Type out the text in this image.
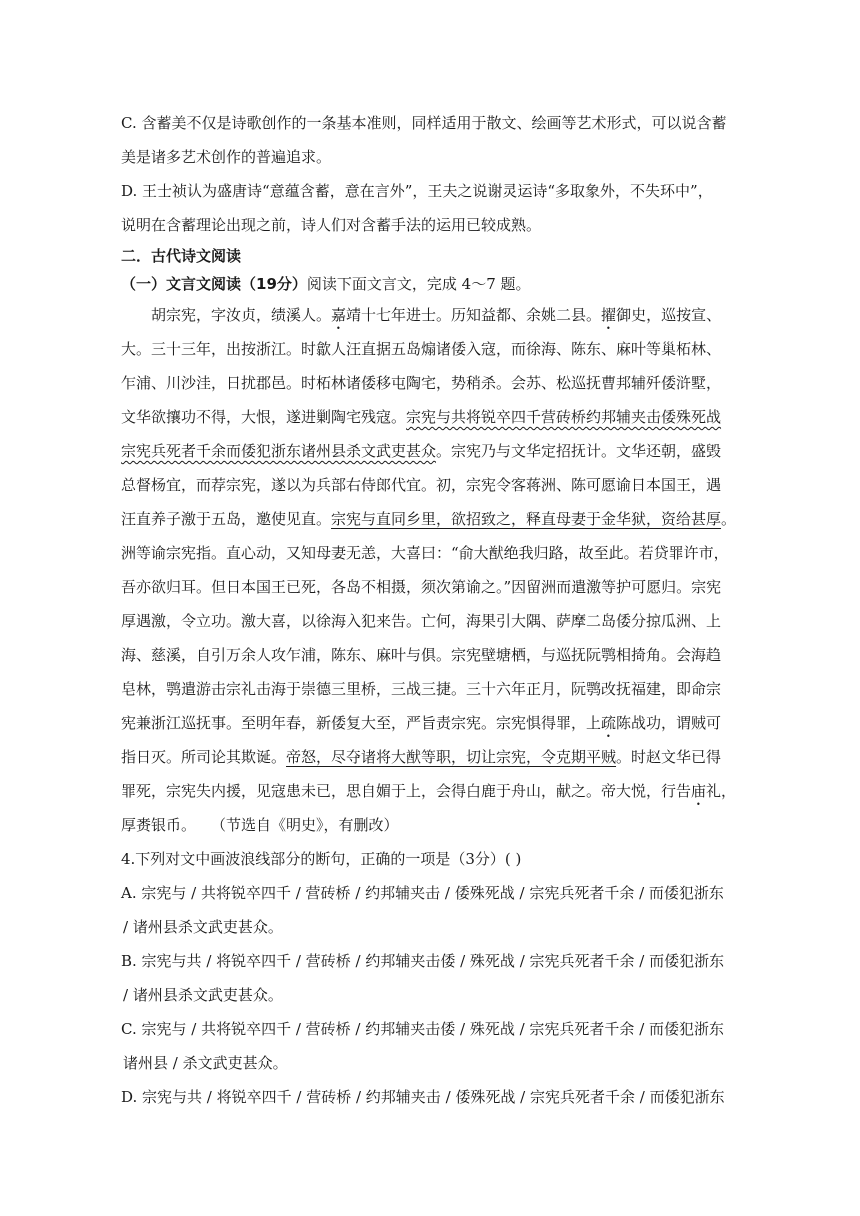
C. 含蓄美不仅是诗歌创作的一条基本准则，同样适用于散文、绘画等艺术形式，可以说含蓄

美是诸多艺术创作的普遍追求。

D. 王士祯认为盛唐诗“意蕴含蓄，意在言外”，王夫之说谢灵运诗“多取象外，不失环中”，

说明在含蓄理论出现之前，诗人们对含蓄手法的运用已较成熟。

二．古代诗文阅读

（一）文言文阅读（19分）阅读下面文言文，完成 4～7 题。

胡宗宪，字汝贞，绩溪人。嘉靖十七年进士。历知益都、余姚二县。擢御史，巡按宣、

大。三十三年，出按浙江。时歙人汪直据五岛煽诸倭入寇，而徐海、陈东、麻叶等巢柘林、

乍浦、川沙洼，日扰郡邑。时柘林诸倭移屯陶宅，势稍杀。会苏、松巡抚曹邦辅歼倭浒墅，

文华欲攘功不得，大恨，遂进剿陶宅残寇。宗宪与共将锐卒四千营砖桥约邦辅夹击倭殊死战

宗宪兵死者千余而倭犯浙东诸州县杀文武吏甚众。宗宪乃与文华定招抚计。文华还朝，盛毁

总督杨宜，而荐宗宪，遂以为兵部右侍郎代宜。初，宗宪令客蒋洲、陈可愿谕日本国王，遇

汪直养子激于五岛，邀使见直。宗宪与直同乡里，欲招致之，释直母妻于金华狱，资给甚厚。

洲等谕宗宪指。直心动，又知母妻无恙，大喜曰：“俞大猷绝我归路，故至此。若贷罪许市，

吾亦欲归耳。但日本国王已死，各岛不相摄，须次第谕之。”因留洲而遣激等护可愿归。宗宪

厚遇激，令立功。激大喜，以徐海入犯来告。亡何，海果引大隅、萨摩二岛倭分掠瓜洲、上

海、慈溪，自引万余人攻乍浦，陈东、麻叶与俱。宗宪壁塘栖，与巡抚阮鹗相掎角。会海趋

皂林，鹗遣游击宗礼击海于崇德三里桥，三战三捷。三十六年正月，阮鹗改抚福建，即命宗

宪兼浙江巡抚事。至明年春，新倭复大至，严旨责宗宪。宗宪惧得罪，上疏陈战功，谓贼可

指日灭。所司论其欺诞。帝怒，尽夺诸将大猷等职，切让宗宪，令克期平贼。时赵文华已得

罪死，宗宪失内援，见寇患未已，思自媚于上，会得白鹿于舟山，献之。帝大悦，行告庙礼，

厚赉银币。　　（节选自《明史》，有删改）

4.下列对文中画波浪线部分的断句，正确的一项是（3分）( )

A. 宗宪与 / 共将锐卒四千 / 营砖桥 / 约邦辅夹击 / 倭殊死战 / 宗宪兵死者千余 / 而倭犯浙东

/ 诸州县杀文武吏甚众。

B. 宗宪与共 / 将锐卒四千 / 营砖桥 / 约邦辅夹击倭 / 殊死战 / 宗宪兵死者千余 / 而倭犯浙东

/ 诸州县杀文武吏甚众。

C. 宗宪与 / 共将锐卒四千 / 营砖桥 / 约邦辅夹击倭 / 殊死战 / 宗宪兵死者千余 / 而倭犯浙东

诸州县 / 杀文武吏甚众。

D. 宗宪与共 / 将锐卒四千 / 营砖桥 / 约邦辅夹击 / 倭殊死战 / 宗宪兵死者千余 / 而倭犯浙东
